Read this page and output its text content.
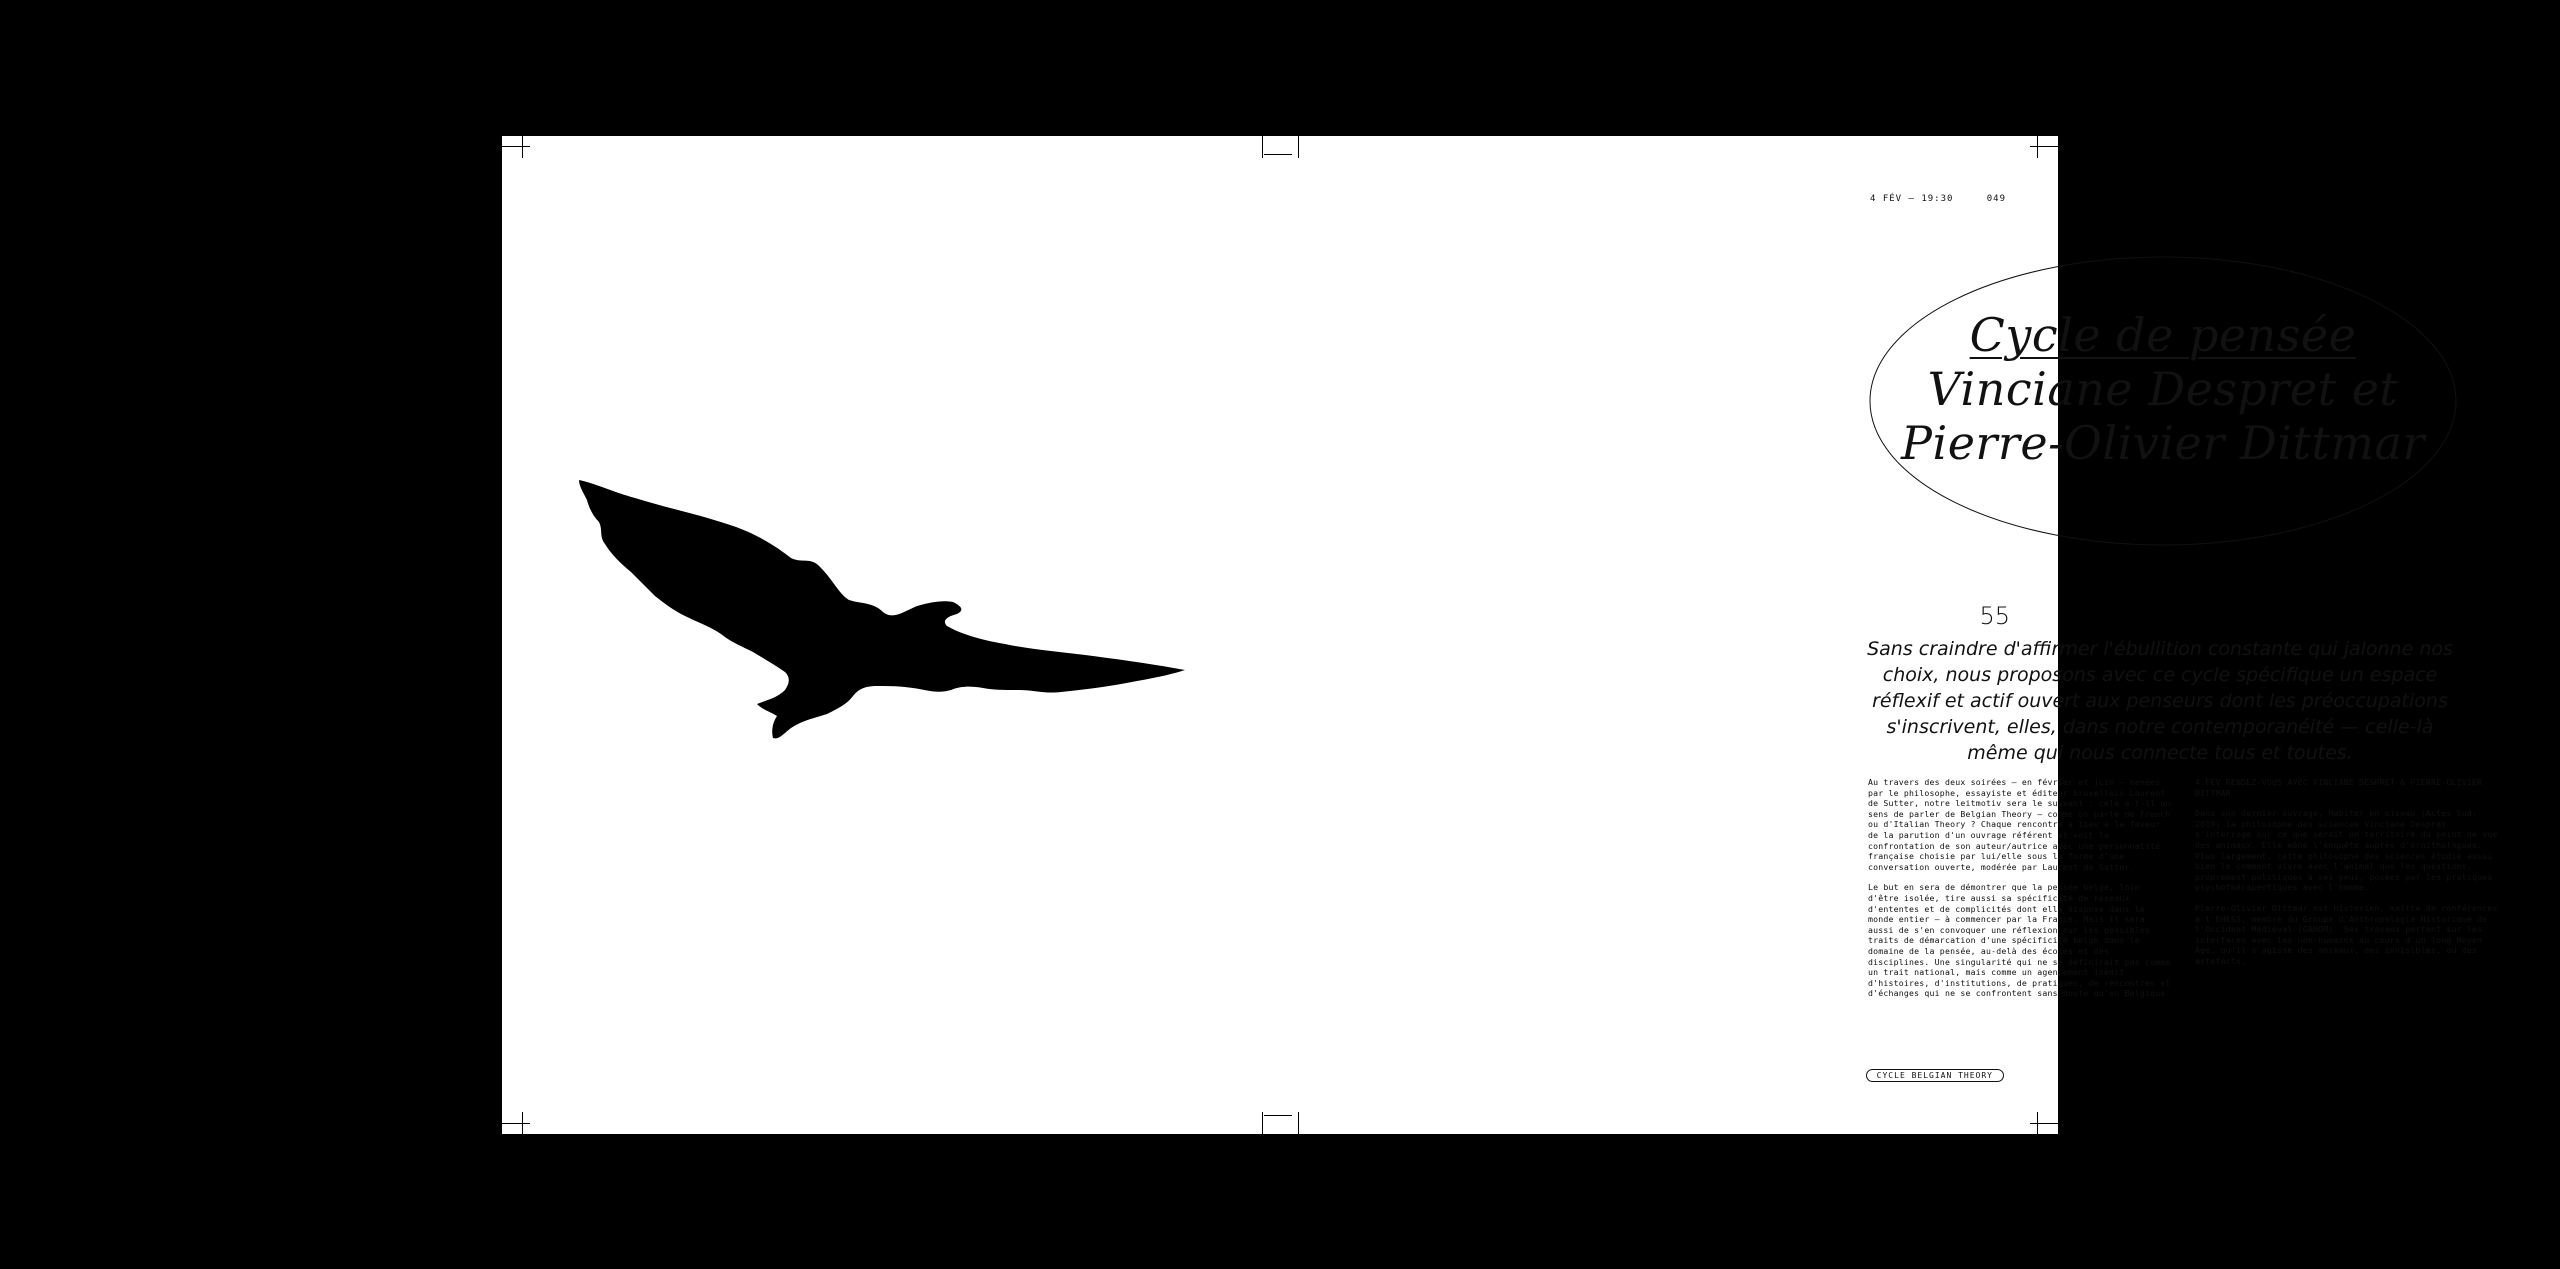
4 FÉV — 19:30	049
Cycle de pensée
Vinciane Despret et
Pierre-Olivier Dittmar
55
Sans craindre d'affirmer l'ébullition constante qui jalonne nos choix, nous proposons avec ce cycle spécifique un espace réflexif et actif ouvert aux penseurs dont les préoccupations s'inscrivent, elles, dans notre contemporanéité — celle-là même qui nous connecte tous et toutes.

Au travers des deux soirées – en février et juin – menées par le philosophe, essayiste et éditeur bruxellois Laurent de Sutter, notre leitmotiv sera le suivant : cela a-t-il un sens de parler de Belgian Theory – comme on parle de French ou d'Italian Theory ? Chaque rencontre a lieu à la faveur de la parution d'un ouvrage référent et voit la confrontation de son auteur/autrice avec une personnalité française choisie par lui/elle sous la forme d'une conversation ouverte, modérée par Laurent de Sutter.

Le but en sera de démontrer que la pensée belge, loin d'être isolée, tire aussi sa spécificité de réseaux d'ententes et de complicités dont elle dispose dans le monde entier – à commencer par la France. Mais il sera aussi de s'en convoquer une réflexion sur les possibles traits de démarcation d'une spécificité belge dans le domaine de la pensée, au-delà des écoles et des disciplines. Une singularité qui ne se définirait pas comme un trait national, mais comme un agencement inédit d'histoires, d'institutions, de pratiques, de rencontres et d'échanges qui ne se confrontent sans doute qu'en Belgique.

4 FÉV RENDEZ-VOUS AVEC VINCIANE DESPRET & PIERRE-OLIVIER DITTMAR

Dans son dernier ouvrage, Habiter en oiseau (Actes Sud, 2019) la philosophe des sciences Vinciane Despret s'interroge sur ce que serait un territoire du point de vue des animaux. Elle mène l'enquête auprès d'ornithologues. Plus largement, cette philosophe des sciences étudie aussi bien le comment vivre avec l'animal que les questions, proprement politiques à ses yeux, posées par les pratiques psychothérapeutiques avec l'homme.

Pierre-Olivier Dittmar est historien, maître de conférences à l'EHESS, membre du Groupe d'Anthropologie Historique de l'Occident Médiéval (GAHOM). Ses travaux portent sur les interfaces avec les non-humains au cours d'un long Moyen Âge, qu'il s'agisse des animaux, des invisibles, ou des artefacts.

CYCLE BELGIAN THEORY
